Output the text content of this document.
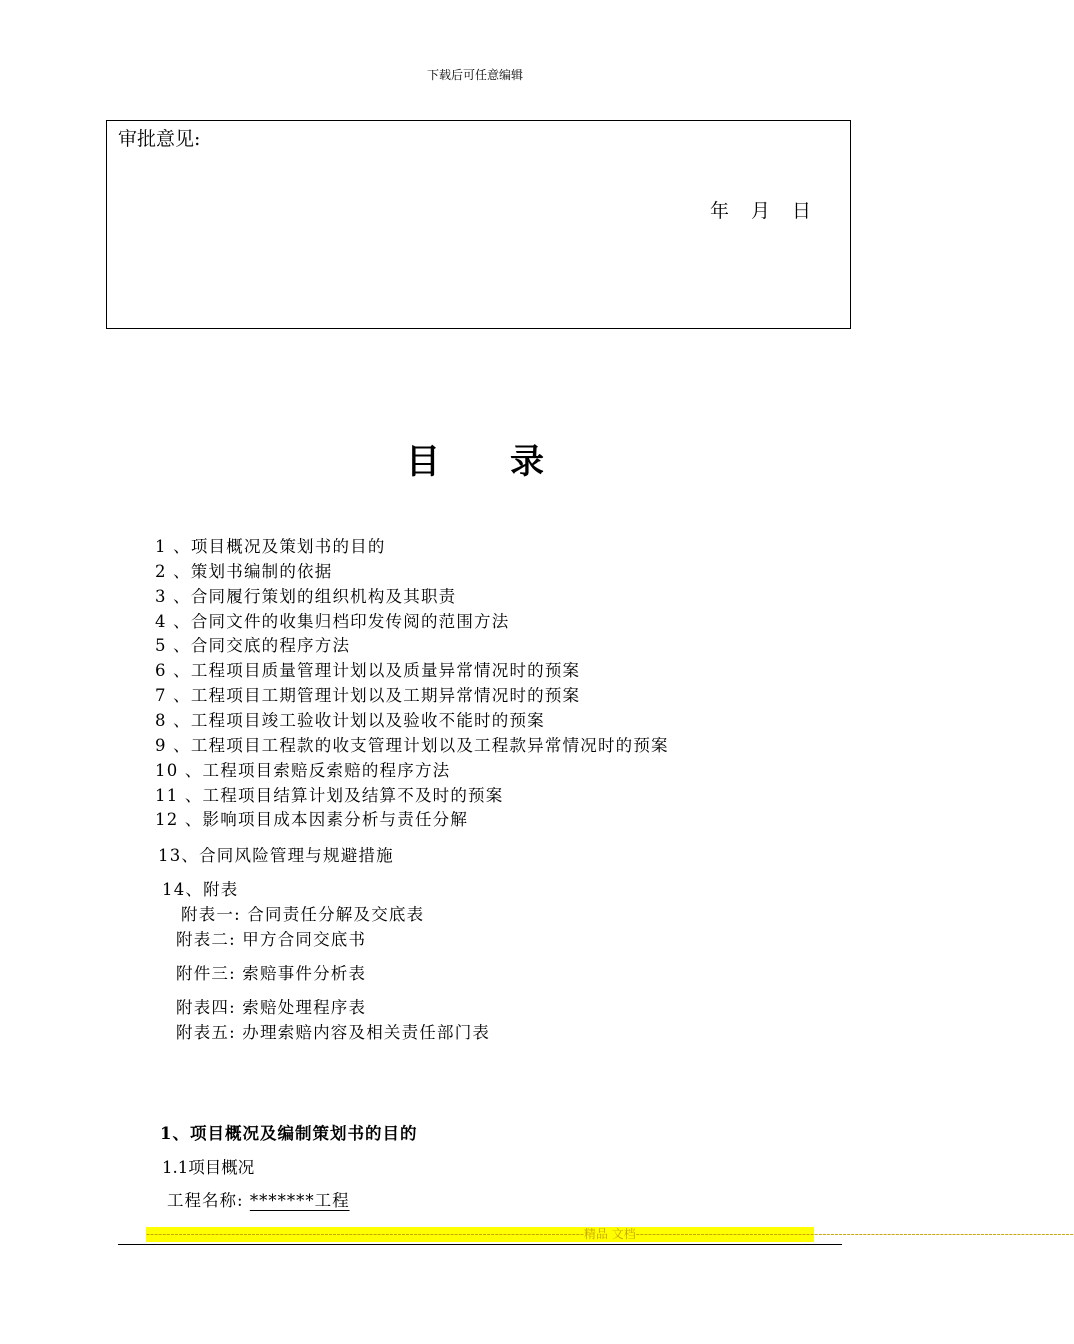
下载后可任意编辑
审批意见:
年 月 日
目录
1 、项目概况及策划书的目的
2 、策划书编制的依据
3 、合同履行策划的组织机构及其职责
4 、合同文件的收集归档印发传阅的范围方法
5 、合同交底的程序方法
6 、工程项目质量管理计划以及质量异常情况时的预案
7 、工程项目工期管理计划以及工期异常情况时的预案
8 、工程项目竣工验收计划以及验收不能时的预案
9 、工程项目工程款的收支管理计划以及工程款异常情况时的预案
10 、工程项目索赔反索赔的程序方法
11 、工程项目结算计划及结算不及时的预案
12 、影响项目成本因素分析与责任分解
13、合同风险管理与规避措施
14、附表
附表一: 合同责任分解及交底表
附表二: 甲方合同交底书
附件三: 索赔事件分析表
附表四: 索赔处理程序表
附表五: 办理索赔内容及相关责任部门表
1、项目概况及编制策划书的目的
1.1项目概况
工程名称: *******工程
------------------------------------------------------------------------------------------------------------ 精品 文档 ------------------------------------------------------------------------------------------------------------
